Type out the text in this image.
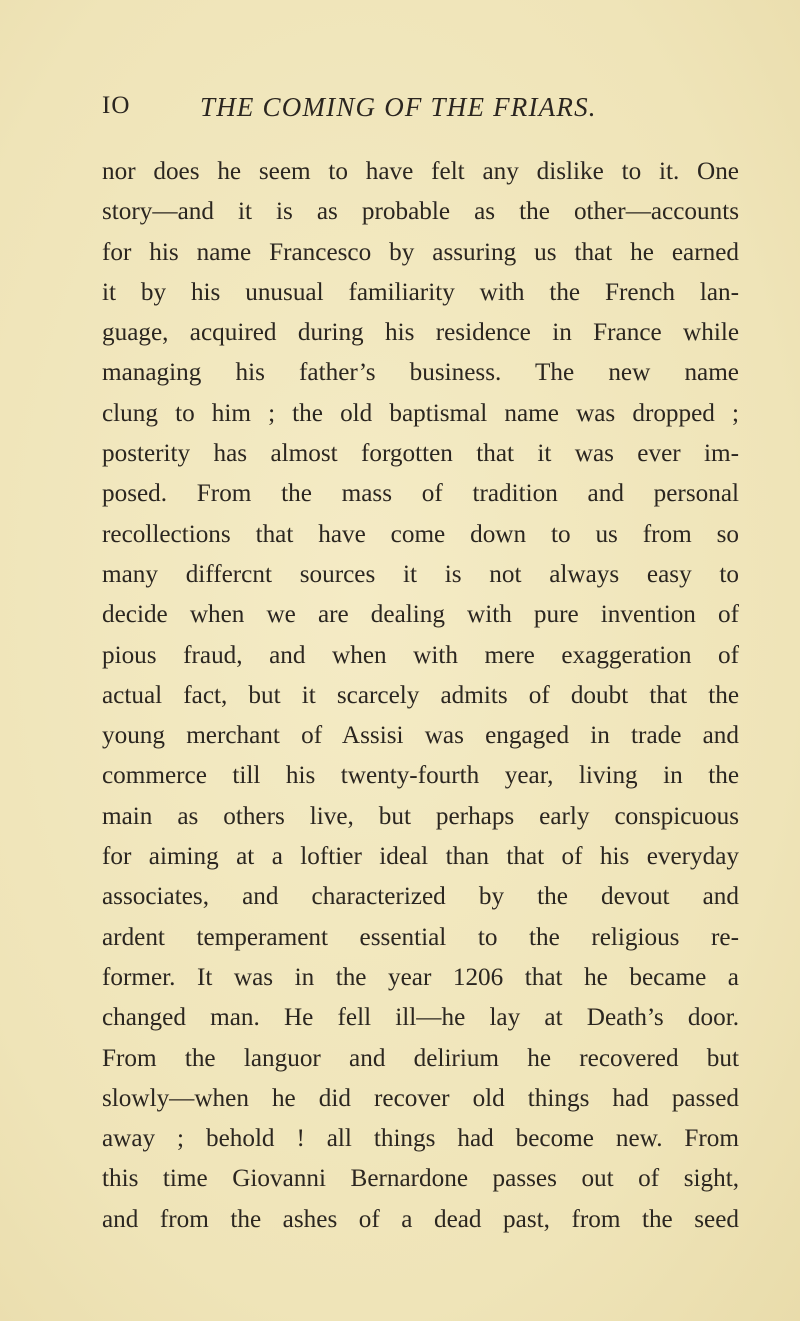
IO	THE COMING OF THE FRIARS.
nor does he seem to have felt any dislike to it. One
story—and it is as probable as the other—accounts
for his name Francesco by assuring us that he earned
it by his unusual familiarity with the French lan-
guage, acquired during his residence in France while
managing his father’s business. The new name
clung to him ; the old baptismal name was dropped ;
posterity has almost forgotten that it was ever im-
posed. From the mass of tradition and personal
recollections that have come down to us from so
many differcnt sources it is not always easy to
decide when we are dealing with pure invention of
pious fraud, and when with mere exaggeration of
actual fact, but it scarcely admits of doubt that the
young merchant of Assisi was engaged in trade and
commerce till his twenty-fourth year, living in the
main as others live, but perhaps early conspicuous
for aiming at a loftier ideal than that of his everyday
associates, and characterized by the devout and
ardent temperament essential to the religious re-
former. It was in the year 1206 that he became a
changed man. He fell ill—he lay at Death’s door.
From the languor and delirium he recovered but
slowly—when he did recover old things had passed
away ; behold ! all things had become new. From
this time Giovanni Bernardone passes out of sight,
and from the ashes of a dead past, from the seed
